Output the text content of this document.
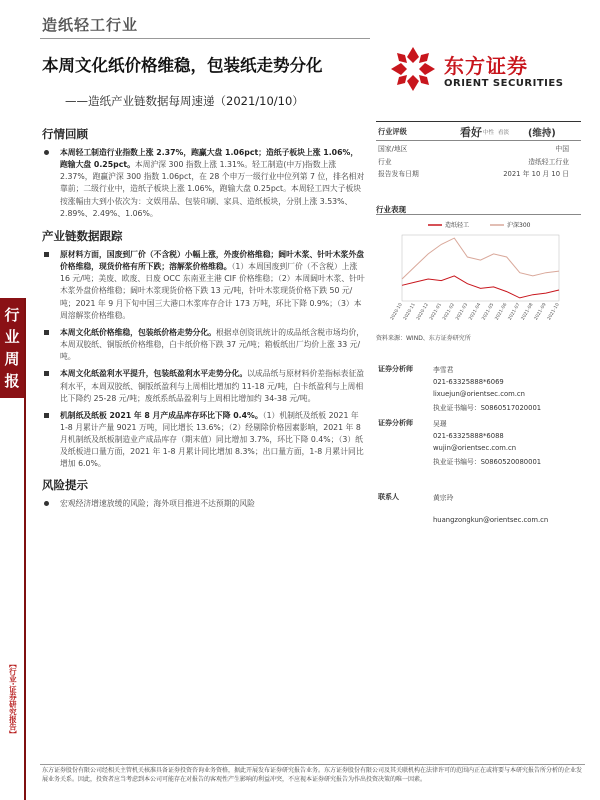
造纸轻工行业
本周文化纸价格维稳，包装纸走势分化
——造纸产业链数据每周速递（2021/10/10）
东方证券
ORIENT SECURITIES
行
业
周
报
【行业·证券研究报告】
行情回顾
本周轻工制造行业指数上涨 2.37%，跑赢大盘 1.06pct；造纸子板块上涨 1.06%，跑输大盘 0.25pct。本周沪深 300 指数上涨 1.31%。轻工制造(中万)指数上涨 2.37%，跑赢沪深 300 指数 1.06pct，在 28 个申万一级行业中位列第 7 位，排名相对靠前；二级行业中，造纸子板块上涨 1.06%，跑输大盘 0.25pct。本周轻工四大子板块按涨幅由大到小依次为：文娱用品、包装印刷、家具、造纸板块，分别上涨 3.53%、2.89%、2.49%、1.06%。
产业链数据跟踪
原材料方面，国废到厂价（不含税）小幅上涨，外废价格维稳；阔叶木浆、针叶木浆外盘价格维稳，现货价格有所下跌；溶解浆价格维稳。（1）本周国废到厂价（不含税）上涨 16 元/吨；美废、欧废、日废 OCC 东南亚主港 CIF 价格维稳；（2）本周阔叶木浆、针叶木浆外盘价格维稳；阔叶木浆现货价格下跌 13 元/吨，针叶木浆现货价格下跌 50 元/吨；2021 年 9 月下旬中国三大港口木浆库存合计 173 万吨，环比下降 0.9%；（3）本周溶解浆价格维稳。
本周文化纸价格维稳，包装纸价格走势分化。根据卓创资讯统计的成品纸含税市场均价，本周双胶纸、铜版纸价格维稳，白卡纸价格下跌 37 元/吨；箱板纸出厂均价上涨 33 元/吨。
本周文化纸盈利水平提升，包装纸盈利水平走势分化。以成品纸与原材料价差指标表征盈利水平，本周双胶纸、铜版纸盈利与上周相比增加约 11-18 元/吨，白卡纸盈利与上周相比下降约 25-28 元/吨；废纸系纸品盈利与上周相比增加约 34-38 元/吨。
机制纸及纸板 2021 年 8 月产成品库存环比下降 0.4%。（1）机制纸及纸板 2021 年 1-8 月累计产量 9021 万吨，同比增长 13.6%；（2）经剔除价格因素影响，2021 年 8 月机制纸及纸板制造业产成品库存（期末值）同比增加 3.7%，环比下降 0.4%；（3）纸及纸板进口量方面，2021 年 1-8 月累计同比增加 8.3%；出口量方面，1-8 月累计同比增加 6.0%。
风险提示
宏观经济增速放缓的风险；海外项目推进不达预期的风险
行业评级	看好 中性 看淡 (维持)
国家/地区	中国
行业	造纸轻工行业
报告发布日期	2021 年 10 月 10 日
行业表现
造纸轻工	沪深300
2020-10 2020-11 2020-12 2021-01 2021-02 2021-03 2021-04 2021-05 2021-06 2021-07 2021-08 2021-09 2021-10
资料来源：WIND、东方证券研究所
证券分析师	李雪君
021-63325888*6069
lixuejun@orientsec.com.cn
执业证书编号：S0860517020001
证券分析师	吴璟
021-63325888*6088
wujin@orientsec.com.cn
执业证书编号：S0860520080001
联系人	黄宗玲
huangzongkun@orientsec.com.cn
东方证券股份有限公司经相关主管机关核准具备证券投资咨询业务资格，据此开展发布证券研究报告业务。东方证券股份有限公司及其关联机构在法律许可的范围内正在或将要与本研究报告所分析的企业发展业务关系。因此，投资者应当考虑到本公司可能存在对报告的客观性产生影响的利益冲突，不应视本证券研究报告为作出投资决策的唯一因素。
